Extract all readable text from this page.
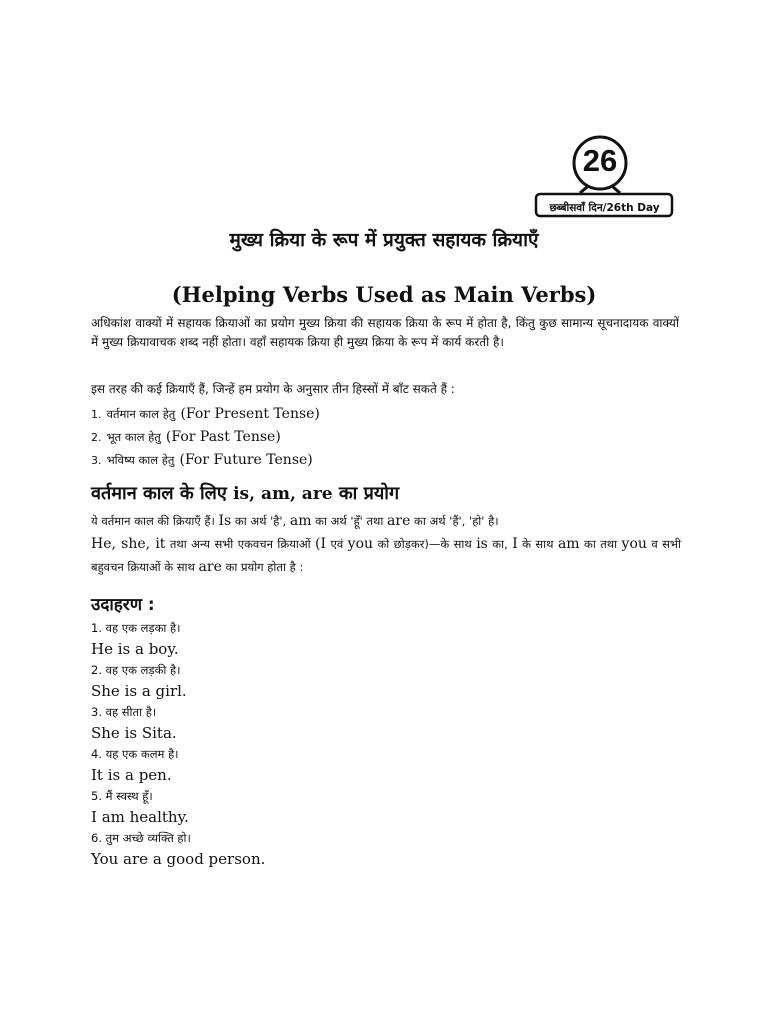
26
छब्बीसवाँ दिन/26th Day
मुख्य क्रिया के रूप में प्रयुक्त सहायक क्रियाएँ
(Helping Verbs Used as Main Verbs)
अधिकांश वाक्यों में सहायक क्रियाओं का प्रयोग मुख्य क्रिया की सहायक क्रिया के रूप में होता है, किंतु कुछ सामान्य सूचनादायक वाक्यों में मुख्य क्रियावाचक शब्द नहीं होता। वहाँ सहायक क्रिया ही मुख्य क्रिया के रूप में कार्य करती है।
इस तरह की कई क्रियाएँ हैं, जिन्हें हम प्रयोग के अनुसार तीन हिस्सों में बाँट सकते हैं :
1. वर्तमान काल हेतु (For Present Tense)
2. भूत काल हेतु (For Past Tense)
3. भविष्य काल हेतु (For Future Tense)
वर्तमान काल के लिए is, am, are का प्रयोग
ये वर्तमान काल की क्रियाएँ हैं। Is का अर्थ 'है', am का अर्थ 'हूँ' तथा are का अर्थ 'हैं', 'हो' है।
He, she, it तथा अन्य सभी एकवचन क्रियाओं (I एवं you को छोड़कर)—के साथ is का, I के साथ am का तथा you व सभी बहुवचन क्रियाओं के साथ are का प्रयोग होता है :
उदाहरण :
1. वह एक लड़का है।
He is a boy.
2. वह एक लड़की है।
She is a girl.
3. वह सीता है।
She is Sita.
4. यह एक कलम है।
It is a pen.
5. मैं स्वस्थ हूँ।
I am healthy.
6. तुम अच्छे व्यक्ति हो।
You are a good person.
